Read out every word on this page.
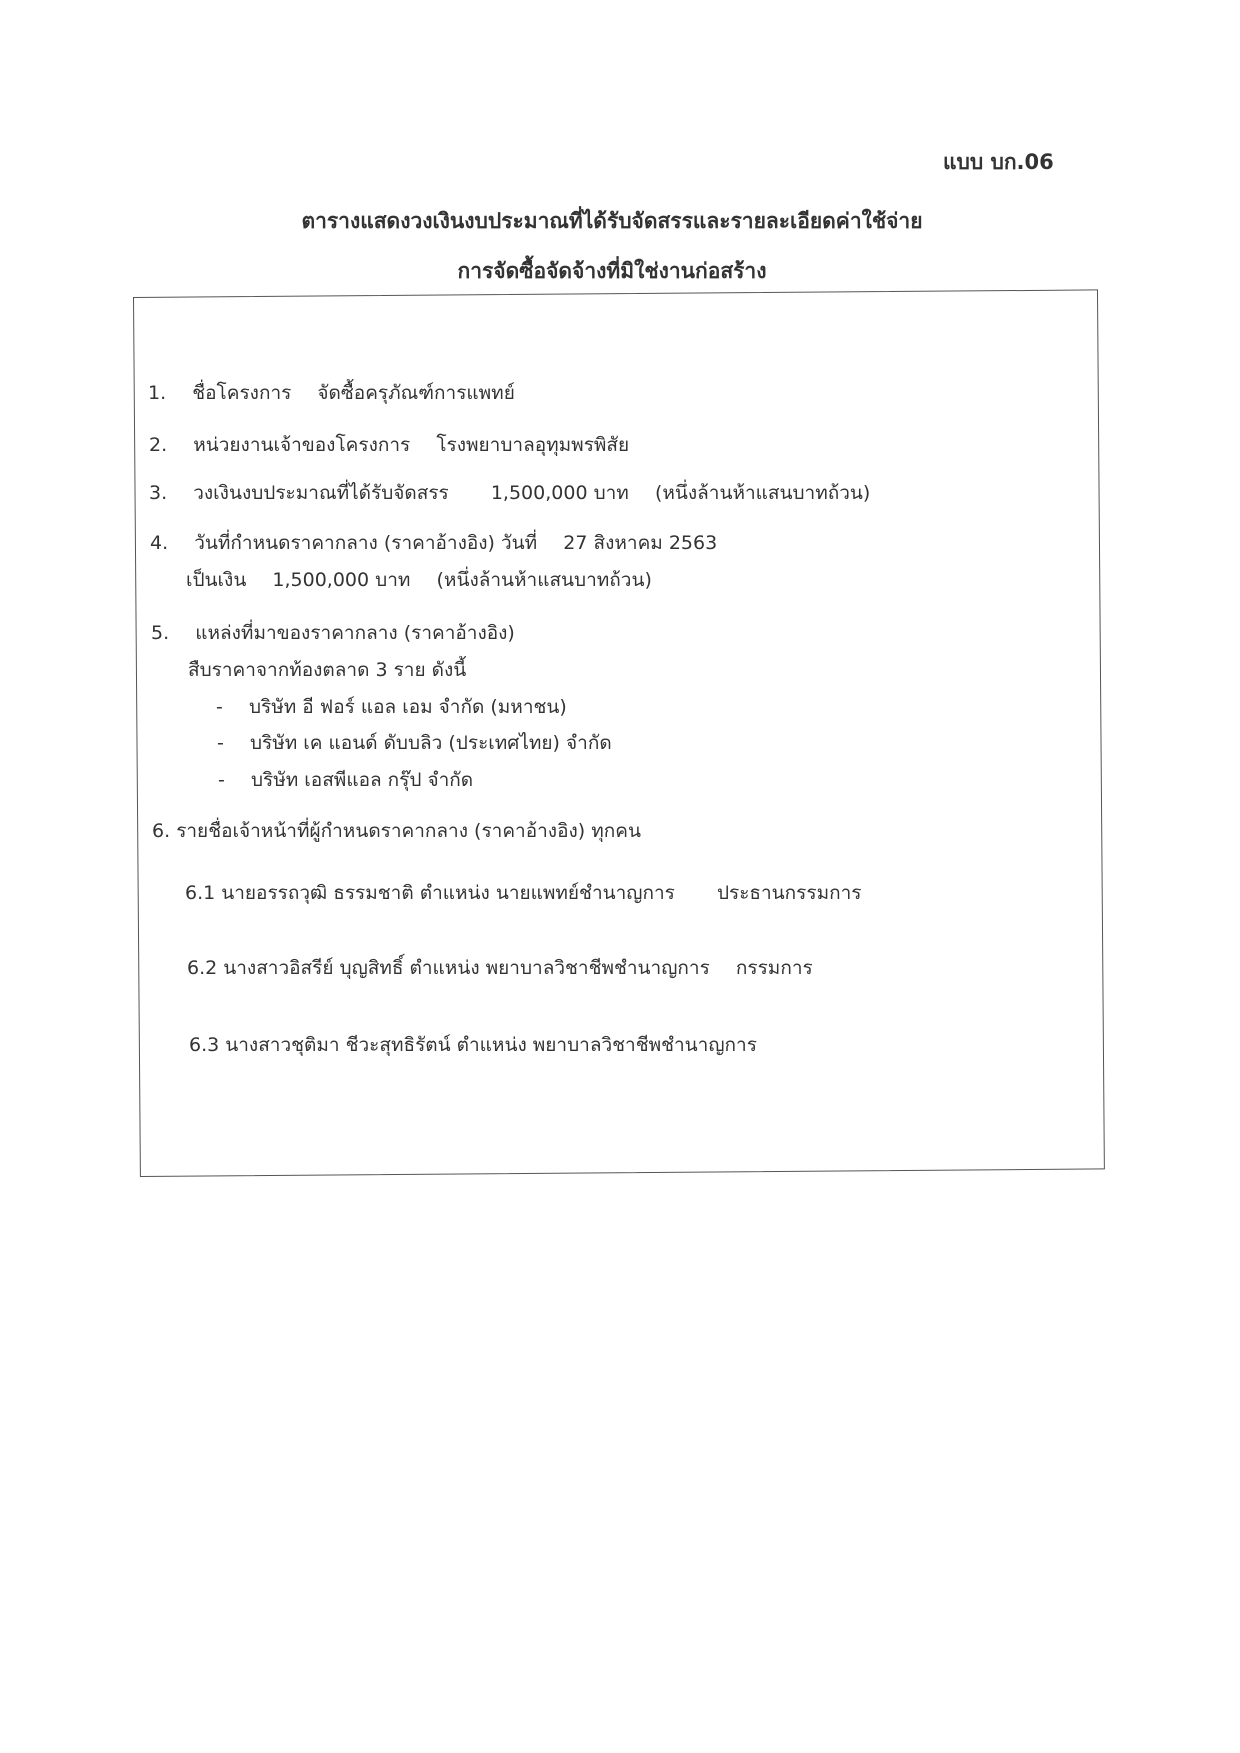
แบบ บก.06
ตารางแสดงวงเงินงบประมาณที่ได้รับจัดสรรและรายละเอียดค่าใช้จ่าย
การจัดซื้อจัดจ้างที่มิใช่งานก่อสร้าง
1. ชื่อโครงการ จัดซื้อครุภัณฑ์การแพทย์
2. หน่วยงานเจ้าของโครงการ โรงพยาบาลอุทุมพรพิสัย
3. วงเงินงบประมาณที่ได้รับจัดสรร 1,500,000 บาท (หนึ่งล้านห้าแสนบาทถ้วน)
4. วันที่กำหนดราคากลาง (ราคาอ้างอิง) วันที่ 27 สิงหาคม 2563
เป็นเงิน 1,500,000 บาท (หนึ่งล้านห้าแสนบาทถ้วน)
5. แหล่งที่มาของราคากลาง (ราคาอ้างอิง)
สืบราคาจากท้องตลาด 3 ราย ดังนี้
- บริษัท อี ฟอร์ แอล เอม จำกัด (มหาชน)
- บริษัท เค แอนด์ ดับบลิว (ประเทศไทย) จำกัด
- บริษัท เอสพีแอล กรุ๊ป จำกัด
6. รายชื่อเจ้าหน้าที่ผู้กำหนดราคากลาง (ราคาอ้างอิง) ทุกคน
6.1 นายอรรถวุฒิ ธรรมชาติ ตำแหน่ง นายแพทย์ชำนาญการ ประธานกรรมการ
6.2 นางสาวอิสรีย์ บุญสิทธิ์ ตำแหน่ง พยาบาลวิชาชีพชำนาญการ กรรมการ
6.3 นางสาวชุติมา ชีวะสุทธิรัตน์ ตำแหน่ง พยาบาลวิชาชีพชำนาญการ
